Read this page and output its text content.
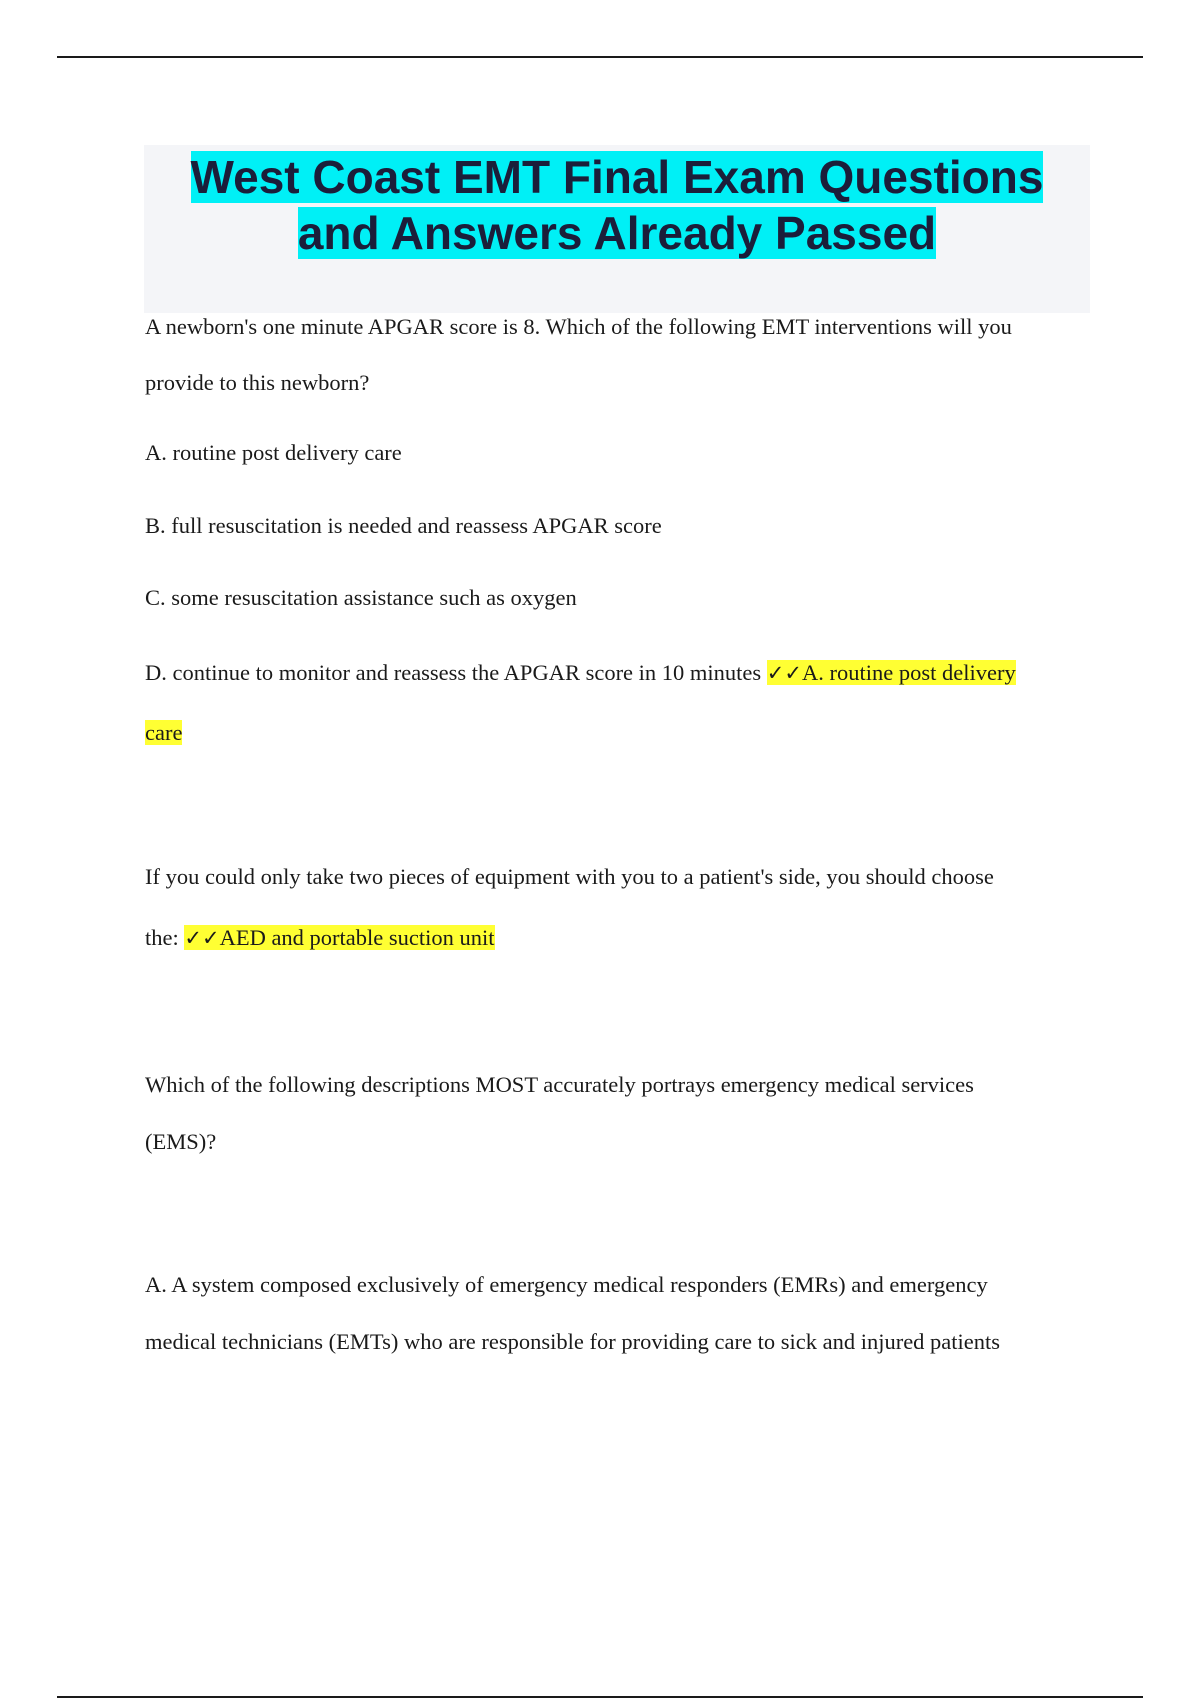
West Coast EMT Final Exam Questions
and Answers Already Passed
A newborn's one minute APGAR score is 8. Which of the following EMT interventions will you
provide to this newborn?
A. routine post delivery care
B. full resuscitation is needed and reassess APGAR score
C. some resuscitation assistance such as oxygen
D. continue to monitor and reassess the APGAR score in 10 minutes ✓✓A. routine post delivery
care
If you could only take two pieces of equipment with you to a patient's side, you should choose
the: ✓✓AED and portable suction unit
Which of the following descriptions MOST accurately portrays emergency medical services
(EMS)?
A. A system composed exclusively of emergency medical responders (EMRs) and emergency
medical technicians (EMTs) who are responsible for providing care to sick and injured patients
